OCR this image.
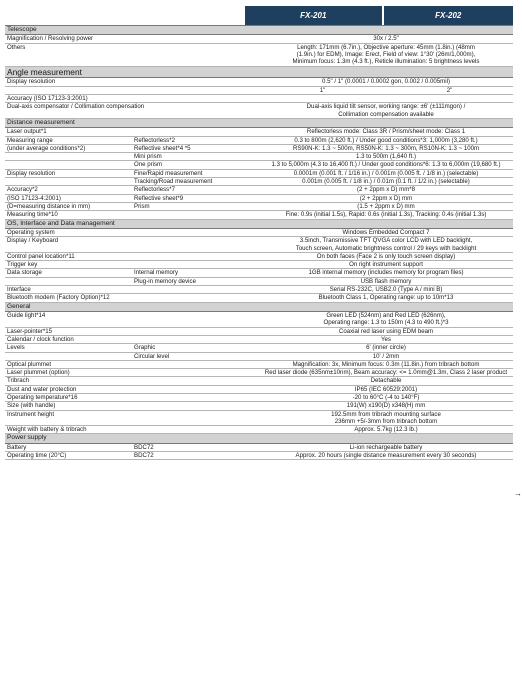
FX-201	FX-202
Telescope			
Magnification / Resolving power		30x / 2.5"	
Others		Length: 171mm (6.7in.), Objective aperture: 45mm (1.8in.) (48mm
(1.9in.) for EDM), Image: Erect, Field of view: 1°30' (26m/1,000m),
Minimum focus: 1.3m (4.3 ft.), Reticle illumination: 5 brightness levels	
Angle measurement			
Display resolution		0.5" / 1" (0.0001 / 0.0002 gon, 0.002 / 0.005mil)	
		1"	2"
Accuracy (ISO 17123-3:2001)			
Dual-axis compensator / Collimation compensation		Dual-axis liquid tilt sensor, working range: ±6' (±111mgon) /
Collimation compensation available	
Distance measurement			
Laser output*1		Reflectorless mode: Class 3R / Prism/sheet mode: Class 1	
Measuring range	Reflectorless*2	0.3 to 800m (2,620 ft.) / Under good conditions*3: 1,000m (3,280 ft.)	
(under average conditions*2)	Reflective sheet*4 *5	RS90N-K: 1.3 ~ 500m, RS50N-K: 1.3 ~ 300m, RS10N-K: 1.3 ~ 100m	
	Mini prism	1.3 to 500m (1,640 ft.)	
	One prism	1.3 to 5,000m (4.3 to 16,400 ft.) / Under good conditions*6: 1.3 to 6,000m (19,680 ft.)	
Display resolution	Fine/Rapid measurement	0.0001m (0.001 ft. / 1/16 in.) / 0.001m (0.005 ft. / 1/8 in.) (selectable)	
	Tracking/Road measurement	0.001m (0.005 ft. / 1/8 in.) / 0.01m (0.1 ft. / 1/2 in.) (selectable)	
Accuracy*2	Reflectorless*7	(2 + 2ppm x D) mm*8	
(ISO 17123-4:2001)	Reflective sheet*9	(2 + 2ppm x D) mm	
(D=measuring distance in mm)	Prism	(1.5 + 2ppm x D) mm	
Measuring time*10		Fine: 0.9s (initial 1.5s), Rapid: 0.6s (initial 1.3s), Tracking: 0.4s (initial 1.3s)	
OS, Interface and Data management			
Operating system		Windows Embedded Compact 7	
Display / Keyboard		3.5inch, Transmissive TFT QVGA color LCD with LED backlight,
Touch screen, Automatic brightness control / 29 keys with backlight	
Control panel location*11		On both faces (Face 2 is only touch screen display)	
Trigger key		On right instrument support	
Data storage	Internal memory	1GB internal memory (includes memory for program files)	
	Plug-in memory device	USB flash memory	
Interface		Serial RS-232C, USB2.0 (Type A / mini B)	
Bluetooth modem (Factory Option)*12		Bluetooth Class 1, Operating range: up to 10m*13	
General			
Guide light*14		Green LED (524nm) and Red LED (626nm),
Operating range: 1.3 to 150m (4.3 to 490 ft.)*3	
Laser-pointer*15		Coaxial red laser using EDM beam	
Calendar / clock function		Yes	
Levels	Graphic	6' (inner circle)	
	Circular level	10' / 2mm	
Optical plummet		Magnification: 3x, Minimum focus: 0.3m (11.8in.) from tribrach bottom	
Laser plummet (option)		Red laser diode (635nm±10nm), Beam accuracy: <= 1.0mm@1.3m, Class 2 laser product	
Tribrach		Detachable	
Dust and water protection		IP65 (IEC 60529:2001)	
Operating temperature*16		-20 to 60°C (-4 to 140°F)	
Size (with handle)		191(W) x190(D) x348(H) mm	
Instrument height		192.5mm from tribrach mounting surface
236mm +5/-3mm from tribrach bottom	
Weight with battery & tribrach		Approx. 5.7kg (12.3 lb.)	
Power supply			
Battery	BDC72	Li-ion rechargeable battery	
Operating time (20°C)	BDC72	Approx. 20 hours (single distance measurement every 30 seconds)	
→
